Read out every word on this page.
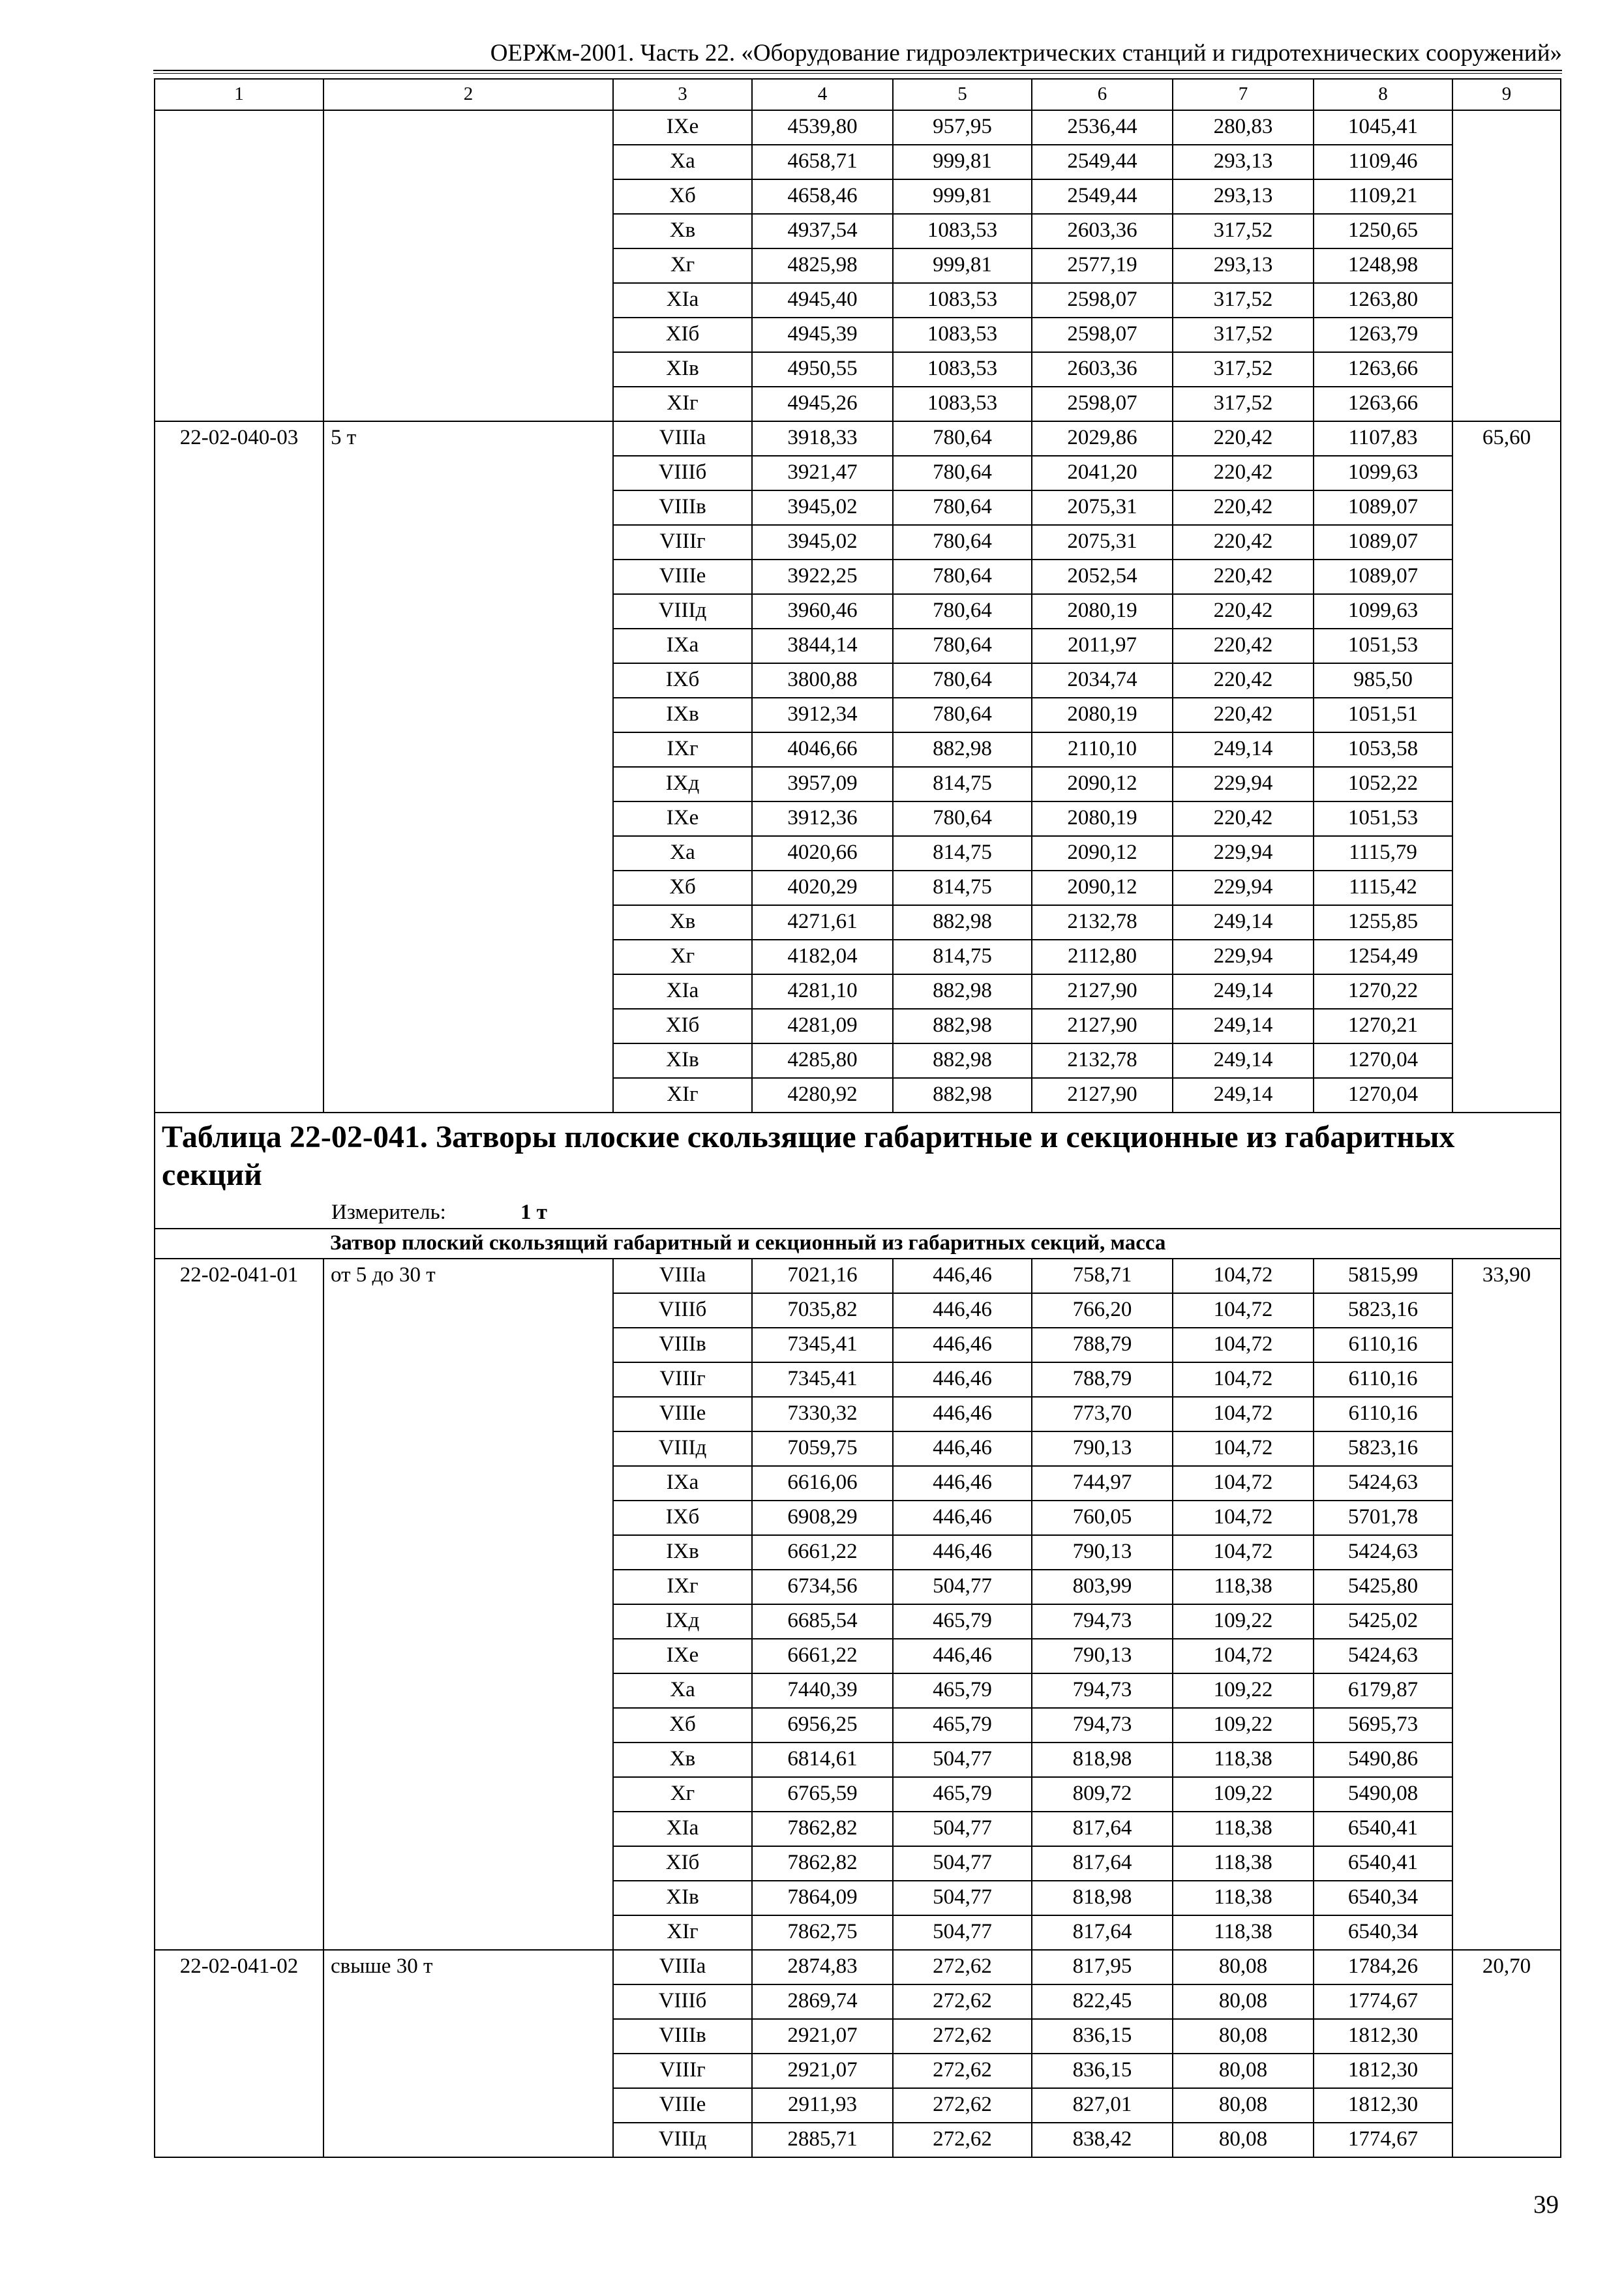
ОЕРЖм-2001. Часть 22. «Оборудование гидроэлектрических станций и гидротехнических сооружений»
1	2	3	4	5	6	7	8	9
		IXe	4539,80	957,95	2536,44	280,83	1045,41	
		Xa	4658,71	999,81	2549,44	293,13	1109,46	
		Xб	4658,46	999,81	2549,44	293,13	1109,21	
		Xв	4937,54	1083,53	2603,36	317,52	1250,65	
		Xг	4825,98	999,81	2577,19	293,13	1248,98	
		XIa	4945,40	1083,53	2598,07	317,52	1263,80	
		XIб	4945,39	1083,53	2598,07	317,52	1263,79	
		XIв	4950,55	1083,53	2603,36	317,52	1263,66	
		XIг	4945,26	1083,53	2598,07	317,52	1263,66	
22-02-040-03	5 т	VIIIa	3918,33	780,64	2029,86	220,42	1107,83	65,60
		VIIIб	3921,47	780,64	2041,20	220,42	1099,63	
		VIIIв	3945,02	780,64	2075,31	220,42	1089,07	
		VIIIг	3945,02	780,64	2075,31	220,42	1089,07	
		VIIIe	3922,25	780,64	2052,54	220,42	1089,07	
		VIIIд	3960,46	780,64	2080,19	220,42	1099,63	
		IXa	3844,14	780,64	2011,97	220,42	1051,53	
		IXб	3800,88	780,64	2034,74	220,42	985,50	
		IXв	3912,34	780,64	2080,19	220,42	1051,51	
		IXг	4046,66	882,98	2110,10	249,14	1053,58	
		IXд	3957,09	814,75	2090,12	229,94	1052,22	
		IXe	3912,36	780,64	2080,19	220,42	1051,53	
		Xa	4020,66	814,75	2090,12	229,94	1115,79	
		Xб	4020,29	814,75	2090,12	229,94	1115,42	
		Xв	4271,61	882,98	2132,78	249,14	1255,85	
		Xг	4182,04	814,75	2112,80	229,94	1254,49	
		XIa	4281,10	882,98	2127,90	249,14	1270,22	
		XIб	4281,09	882,98	2127,90	249,14	1270,21	
		XIв	4285,80	882,98	2132,78	249,14	1270,04	
		XIг	4280,92	882,98	2127,90	249,14	1270,04	

Таблица 22-02-041. Затворы плоские скользящие габаритные и секционные из габаритных секций
Измеритель: 1 т								

Затвор плоский скользящий габаритный и секционный из габаритных секций, масса								
22-02-041-01	от 5 до 30 т	VIIIa	7021,16	446,46	758,71	104,72	5815,99	33,90
		VIIIб	7035,82	446,46	766,20	104,72	5823,16	
		VIIIв	7345,41	446,46	788,79	104,72	6110,16	
		VIIIг	7345,41	446,46	788,79	104,72	6110,16	
		VIIIe	7330,32	446,46	773,70	104,72	6110,16	
		VIIIд	7059,75	446,46	790,13	104,72	5823,16	
		IXa	6616,06	446,46	744,97	104,72	5424,63	
		IXб	6908,29	446,46	760,05	104,72	5701,78	
		IXв	6661,22	446,46	790,13	104,72	5424,63	
		IXг	6734,56	504,77	803,99	118,38	5425,80	
		IXд	6685,54	465,79	794,73	109,22	5425,02	
		IXe	6661,22	446,46	790,13	104,72	5424,63	
		Xa	7440,39	465,79	794,73	109,22	6179,87	
		Xб	6956,25	465,79	794,73	109,22	5695,73	
		Xв	6814,61	504,77	818,98	118,38	5490,86	
		Xг	6765,59	465,79	809,72	109,22	5490,08	
		XIa	7862,82	504,77	817,64	118,38	6540,41	
		XIб	7862,82	504,77	817,64	118,38	6540,41	
		XIв	7864,09	504,77	818,98	118,38	6540,34	
		XIг	7862,75	504,77	817,64	118,38	6540,34	
22-02-041-02	свыше 30 т	VIIIa	2874,83	272,62	817,95	80,08	1784,26	20,70
		VIIIб	2869,74	272,62	822,45	80,08	1774,67	
		VIIIв	2921,07	272,62	836,15	80,08	1812,30	
		VIIIг	2921,07	272,62	836,15	80,08	1812,30	
		VIIIe	2911,93	272,62	827,01	80,08	1812,30	
		VIIIд	2885,71	272,62	838,42	80,08	1774,67	
39
